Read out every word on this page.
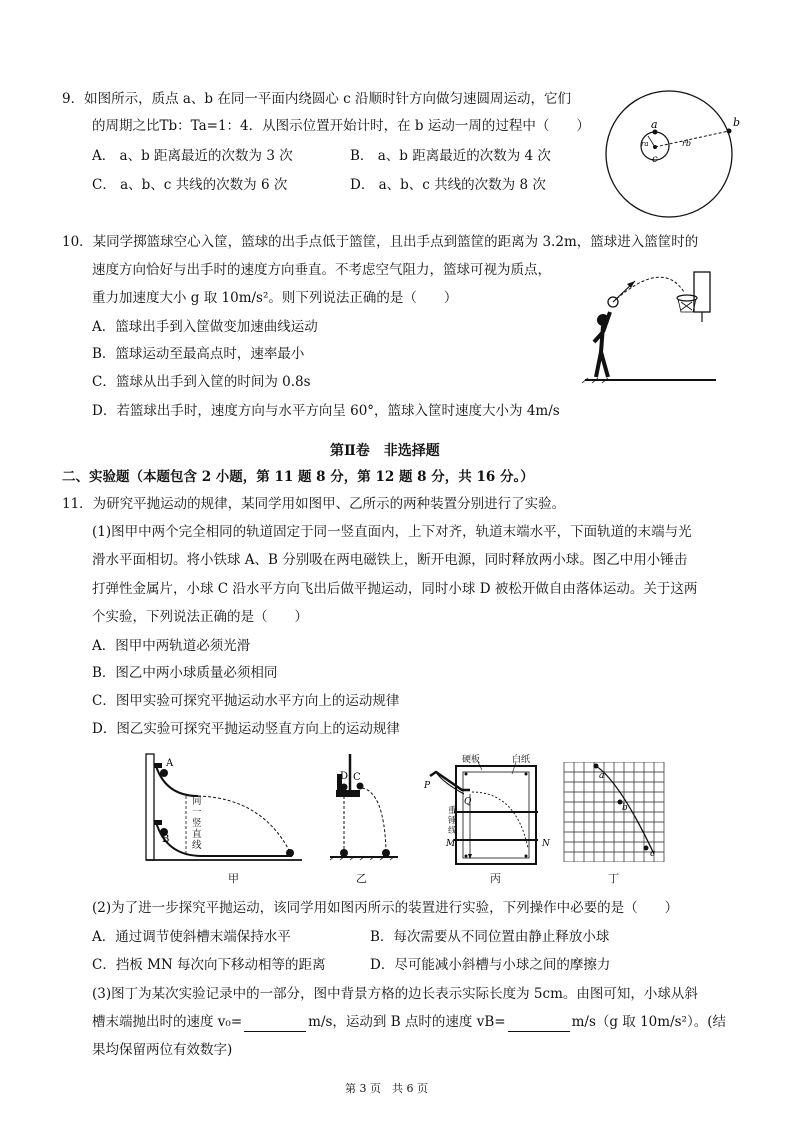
9．如图所示，质点 a、b 在同一平面内绕圆心 c 沿顺时针方向做匀速圆周运动，它们
的周期之比Tb：Ta=1：4．从图示位置开始计时，在 b 运动一周的过程中（　　）
A． a、b 距离最近的次数为 3 次	B． a、b 距离最近的次数为 4 次
C． a、b、c 共线的次数为 6 次	D． a、b、c 共线的次数为 8 次
a	b
c
ra	rb
10．某同学掷篮球空心入筐，篮球的出手点低于篮筐，且出手点到篮筐的距离为 3.2m，篮球进入篮筐时的
速度方向恰好与出手时的速度方向垂直。不考虑空气阻力，篮球可视为质点，
重力加速度大小 g 取 10m/s²。则下列说法正确的是（　　）
A．篮球出手到入筐做变加速曲线运动
B．篮球运动至最高点时，速率最小
C．篮球从出手到入筐的时间为 0.8s
D．若篮球出手时，速度方向与水平方向呈 60°，篮球入筐时速度大小为 4m/s
第Ⅱ卷　非选择题
二、实验题（本题包含 2 小题，第 11 题 8 分，第 12 题 8 分，共 16 分。）
11．为研究平抛运动的规律，某同学用如图甲、乙所示的两种装置分别进行了实验。
(1)图甲中两个完全相同的轨道固定于同一竖直面内，上下对齐，轨道末端水平，下面轨道的末端与光
滑水平面相切。将小铁球 A、B 分别吸在两电磁铁上，断开电源，同时释放两小球。图乙中用小锤击
打弹性金属片，小球 C 沿水平方向飞出后做平抛运动，同时小球 D 被松开做自由落体运动。关于这两
个实验，下列说法正确的是（　　）
A．图甲中两轨道必须光滑
B．图乙中两小球质量必须相同
C．图甲实验可探究平抛运动水平方向上的运动规律
D．图乙实验可探究平抛运动竖直方向上的运动规律
A
B
同一竖直线
甲
D C
乙
P
Q
M	N
硬板	白纸
重锤线
丙
a
b
c
丁
(2)为了进一步探究平抛运动，该同学用如图丙所示的装置进行实验，下列操作中必要的是（　　）
A．通过调节使斜槽末端保持水平	B．每次需要从不同位置由静止释放小球
C．挡板 MN 每次向下移动相等的距离	D．尽可能减小斜槽与小球之间的摩擦力
(3)图丁为某次实验记录中的一部分，图中背景方格的边长表示实际长度为 5cm。由图可知，小球从斜
槽末端抛出时的速度 v₀=	m/s，运动到 B 点时的速度 vB=	m/s（g 取 10m/s²）。(结
果均保留两位有效数字)
第 3 页　共 6 页
